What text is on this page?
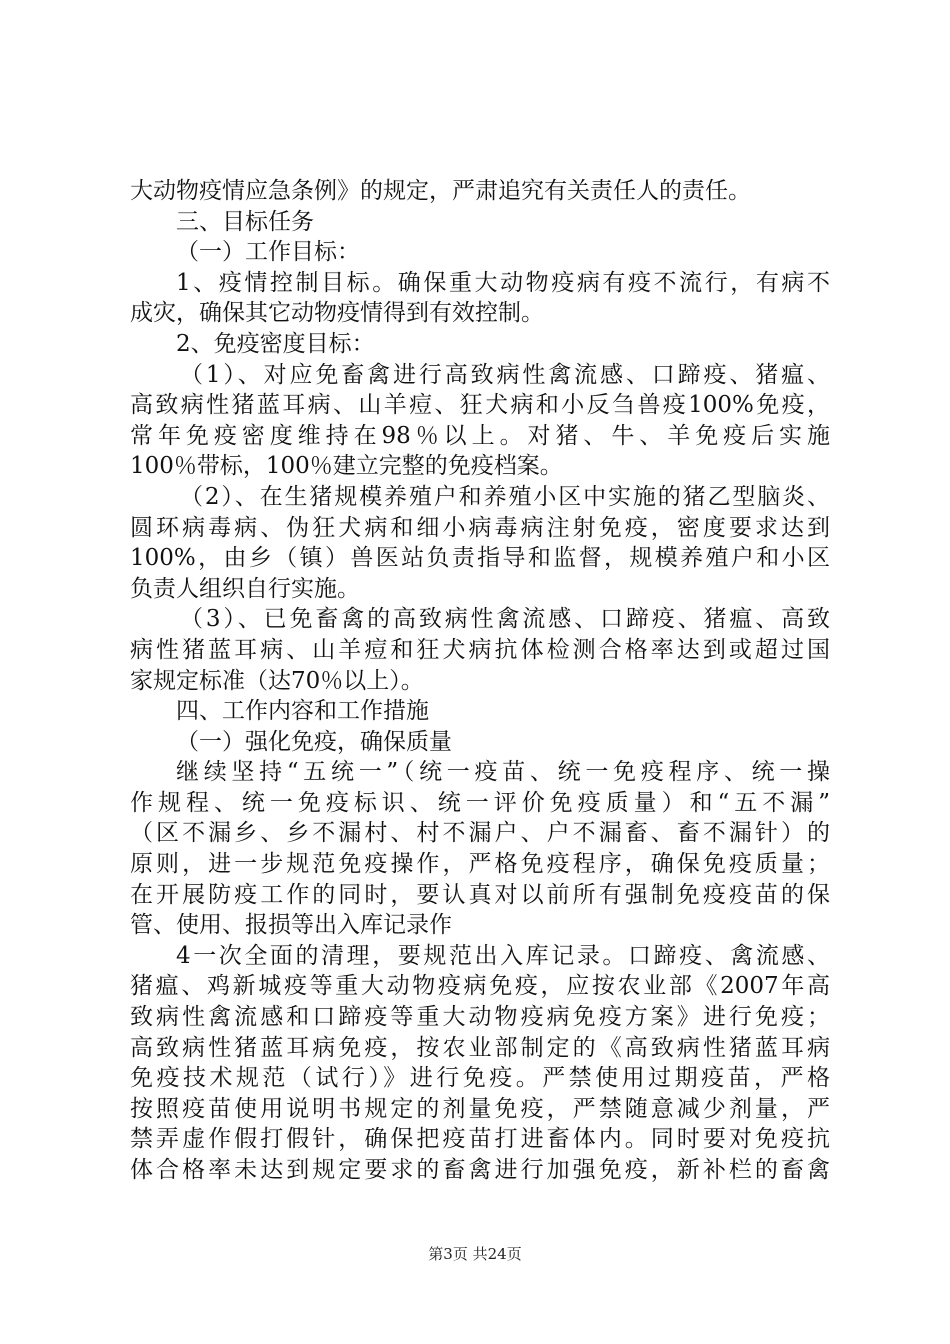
大动物疫情应急条例》的规定，严肃追究有关责任人的责任。
三、目标任务
（一）工作目标：
1、疫情控制目标。确保重大动物疫病有疫不流行，有病不
成灾，确保其它动物疫情得到有效控制。
2、免疫密度目标：
（1）、对应免畜禽进行高致病性禽流感、口蹄疫、猪瘟、
高致病性猪蓝耳病、山羊痘、狂犬病和小反刍兽疫100%免疫，
常年免疫密度维持在98％以上。对猪、牛、羊免疫后实施
100％带标，100％建立完整的免疫档案。
（2）、在生猪规模养殖户和养殖小区中实施的猪乙型脑炎、
圆环病毒病、伪狂犬病和细小病毒病注射免疫，密度要求达到
100%，由乡（镇）兽医站负责指导和监督，规模养殖户和小区
负责人组织自行实施。
（3）、已免畜禽的高致病性禽流感、口蹄疫、猪瘟、高致
病性猪蓝耳病、山羊痘和狂犬病抗体检测合格率达到或超过国
家规定标准（达70％以上）。
四、工作内容和工作措施
（一）强化免疫，确保质量
继续坚持“五统一”（统一疫苗、统一免疫程序、统一操
作规程、统一免疫标识、统一评价免疫质量）和“五不漏”
（区不漏乡、乡不漏村、村不漏户、户不漏畜、畜不漏针）的
原则，进一步规范免疫操作，严格免疫程序，确保免疫质量；
在开展防疫工作的同时，要认真对以前所有强制免疫疫苗的保
管、使用、报损等出入库记录作
4一次全面的清理，要规范出入库记录。口蹄疫、禽流感、
猪瘟、鸡新城疫等重大动物疫病免疫，应按农业部《2007年高
致病性禽流感和口蹄疫等重大动物疫病免疫方案》进行免疫；
高致病性猪蓝耳病免疫，按农业部制定的《高致病性猪蓝耳病
免疫技术规范（试行）》进行免疫。严禁使用过期疫苗，严格
按照疫苗使用说明书规定的剂量免疫，严禁随意减少剂量，严
禁弄虚作假打假针，确保把疫苗打进畜体内。同时要对免疫抗
体合格率未达到规定要求的畜禽进行加强免疫，新补栏的畜禽
第3页 共24页
